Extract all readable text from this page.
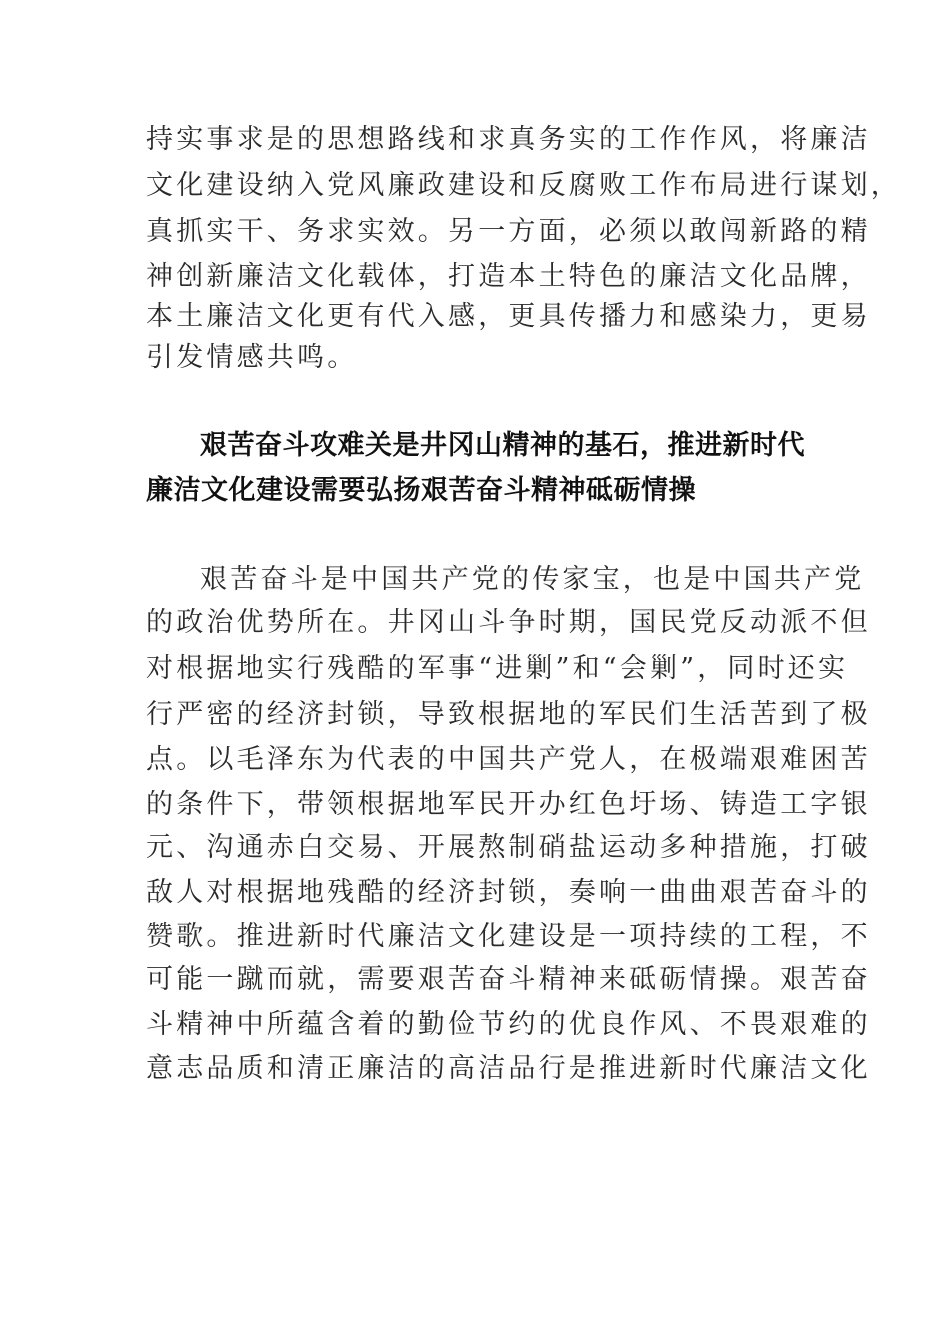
持实事求是的思想路线和求真务实的工作作风，将廉洁
文化建设纳入党风廉政建设和反腐败工作布局进行谋划，
真抓实干、务求实效。另一方面，必须以敢闯新路的精
神创新廉洁文化载体，打造本土特色的廉洁文化品牌，
本土廉洁文化更有代入感，更具传播力和感染力，更易
引发情感共鸣。
艰苦奋斗攻难关是井冈山精神的基石，推进新时代
廉洁文化建设需要弘扬艰苦奋斗精神砥砺情操
艰苦奋斗是中国共产党的传家宝，也是中国共产党
的政治优势所在。井冈山斗争时期，国民党反动派不但
对根据地实行残酷的军事“进剿”和“会剿”，同时还实
行严密的经济封锁，导致根据地的军民们生活苦到了极
点。以毛泽东为代表的中国共产党人，在极端艰难困苦
的条件下，带领根据地军民开办红色圩场、铸造工字银
元、沟通赤白交易、开展熬制硝盐运动多种措施，打破
敌人对根据地残酷的经济封锁，奏响一曲曲艰苦奋斗的
赞歌。推进新时代廉洁文化建设是一项持续的工程，不
可能一蹴而就，需要艰苦奋斗精神来砥砺情操。艰苦奋
斗精神中所蕴含着的勤俭节约的优良作风、不畏艰难的
意志品质和清正廉洁的高洁品行是推进新时代廉洁文化
